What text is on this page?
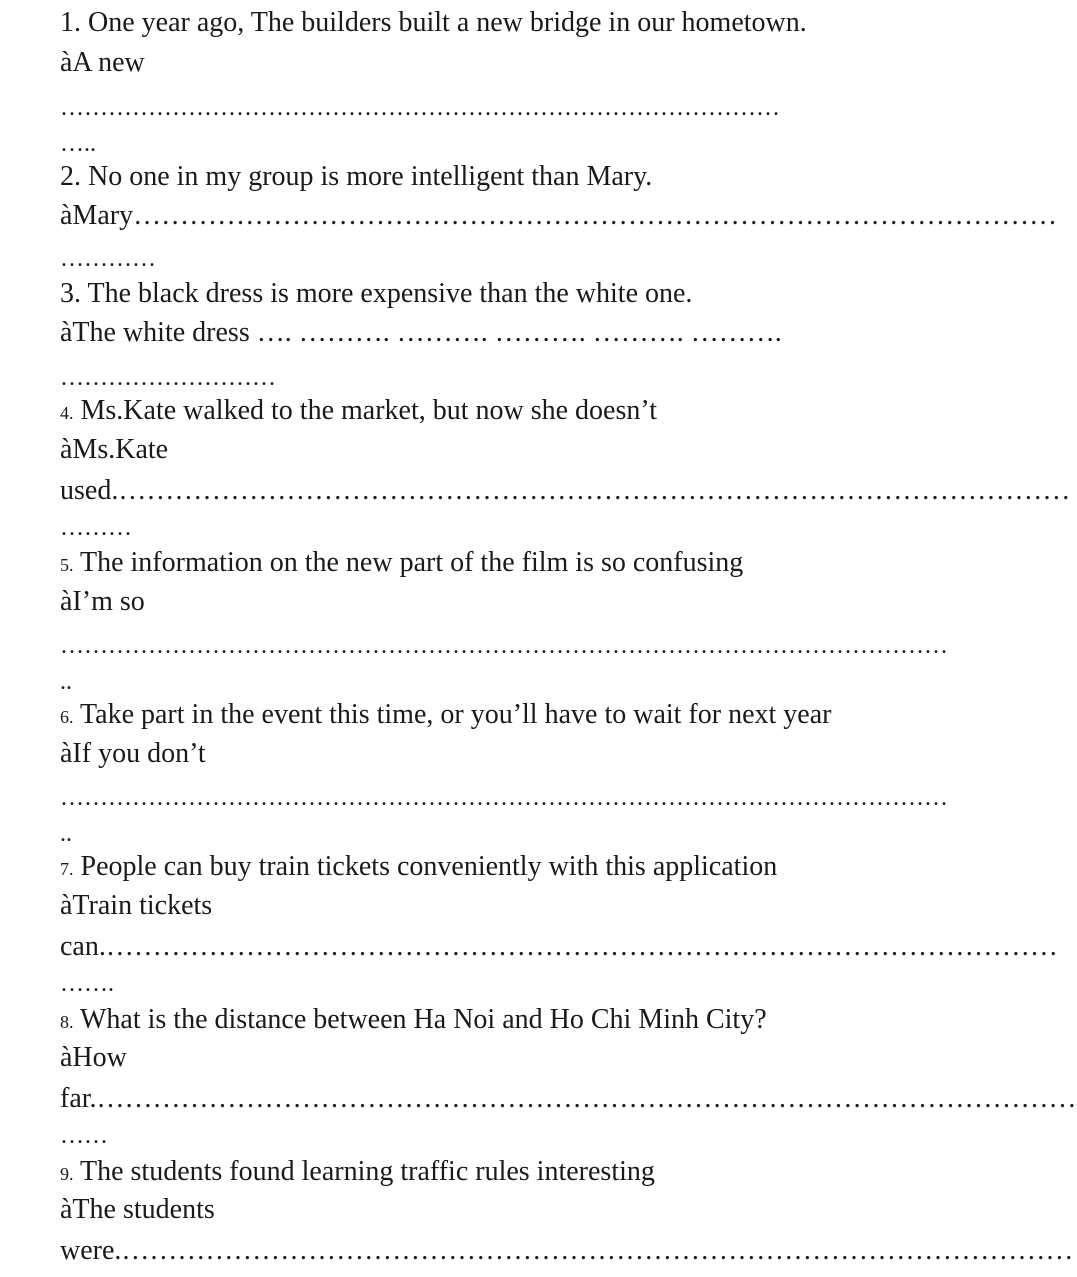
1. One year ago, The builders built a new bridge in our hometown.
àA new
………………………………………………………………………………
…..
2. No one in my group is more intelligent than Mary.
àMary………………………………………………………………………………………
…………
3. The black dress is more expensive than the white one.
àThe white dress …. ………. ………. ………. ………. ……….
………………………
4. Ms.Kate walked to the market, but now she doesn’t
àMs.Kate
used.…………………………………………………………………………………………
………
5. The information on the new part of the film is so confusing
àI’m so
…………………………………………………………………………………………………
..
6. Take part in the event this time, or you’ll have to wait for next year
àIf you don’t
…………………………………………………………………………………………………
..
7. People can buy train tickets conveniently with this application
àTrain tickets
can.…………………………………………………………………………………………
…….
8. What is the distance between Ha Noi and Ho Chi Minh City?
àHow
far.……………………………………………………………………………………………
……
9. The students found learning traffic rules interesting
àThe students
were.…………………………………………………………………………………………
